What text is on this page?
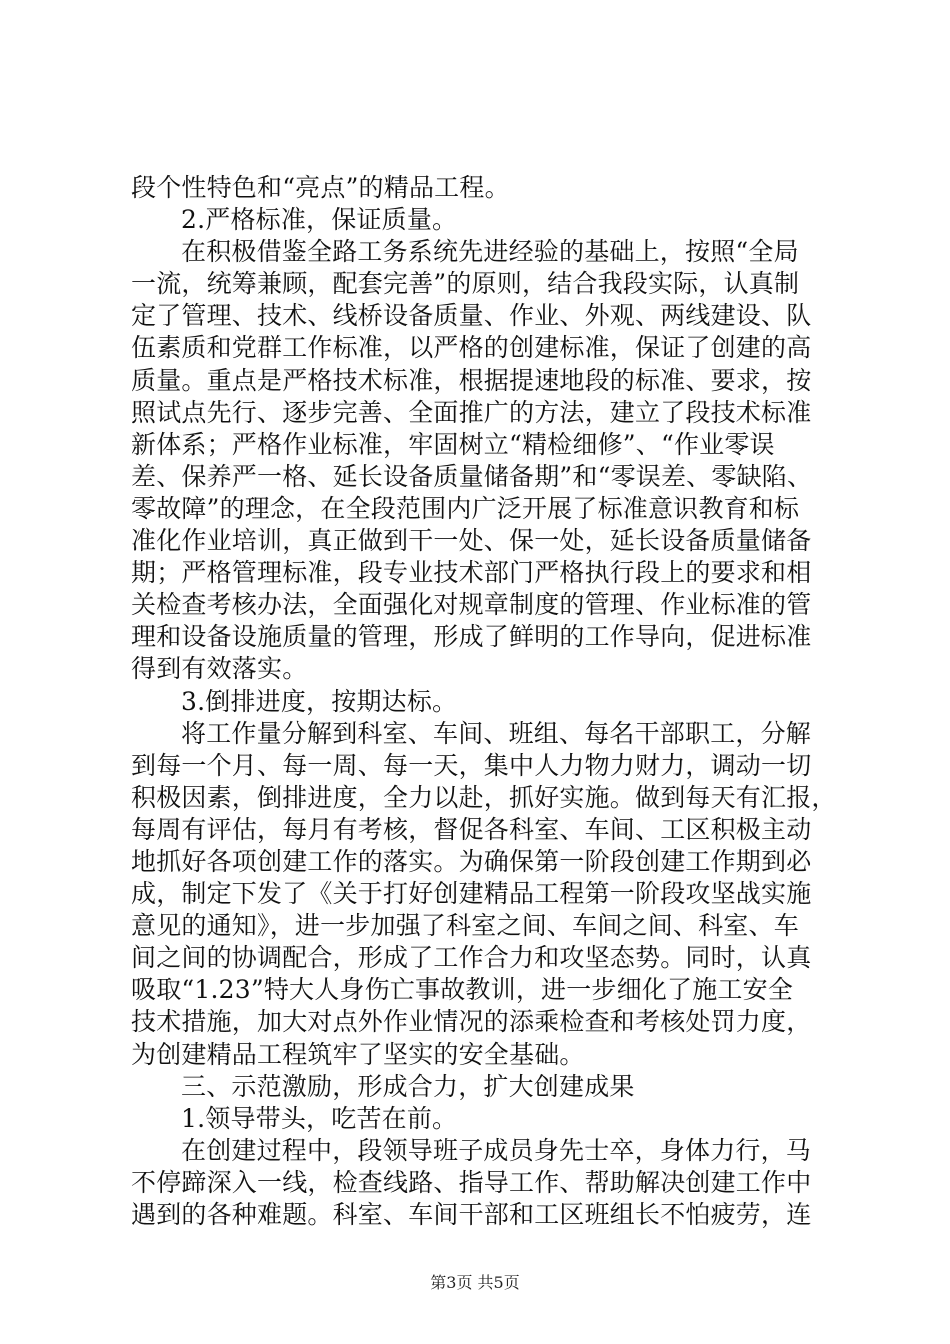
段个性特色和“亮点”的精品工程。
2.严格标准，保证质量。
在积极借鉴全路工务系统先进经验的基础上，按照“全局
一流，统筹兼顾，配套完善”的原则，结合我段实际，认真制
定了管理、技术、线桥设备质量、作业、外观、两线建设、队
伍素质和党群工作标准，以严格的创建标准，保证了创建的高
质量。重点是严格技术标准，根据提速地段的标准、要求，按
照试点先行、逐步完善、全面推广的方法，建立了段技术标准
新体系；严格作业标准，牢固树立“精检细修”、“作业零误
差、保养严一格、延长设备质量储备期”和“零误差、零缺陷、
零故障”的理念，在全段范围内广泛开展了标准意识教育和标
准化作业培训，真正做到干一处、保一处，延长设备质量储备
期；严格管理标准，段专业技术部门严格执行段上的要求和相
关检查考核办法，全面强化对规章制度的管理、作业标准的管
理和设备设施质量的管理，形成了鲜明的工作导向，促进标准
得到有效落实。
3.倒排进度，按期达标。
将工作量分解到科室、车间、班组、每名干部职工，分解
到每一个月、每一周、每一天，集中人力物力财力，调动一切
积极因素，倒排进度，全力以赴，抓好实施。做到每天有汇报，
每周有评估，每月有考核，督促各科室、车间、工区积极主动
地抓好各项创建工作的落实。为确保第一阶段创建工作期到必
成，制定下发了《关于打好创建精品工程第一阶段攻坚战实施
意见的通知》，进一步加强了科室之间、车间之间、科室、车
间之间的协调配合，形成了工作合力和攻坚态势。同时，认真
吸取“1.23”特大人身伤亡事故教训，进一步细化了施工安全
技术措施，加大对点外作业情况的添乘检查和考核处罚力度，
为创建精品工程筑牢了坚实的安全基础。
三、示范激励，形成合力，扩大创建成果
1.领导带头，吃苦在前。
在创建过程中，段领导班子成员身先士卒，身体力行，马
不停蹄深入一线，检查线路、指导工作、帮助解决创建工作中
遇到的各种难题。科室、车间干部和工区班组长不怕疲劳，连
第3页 共5页
